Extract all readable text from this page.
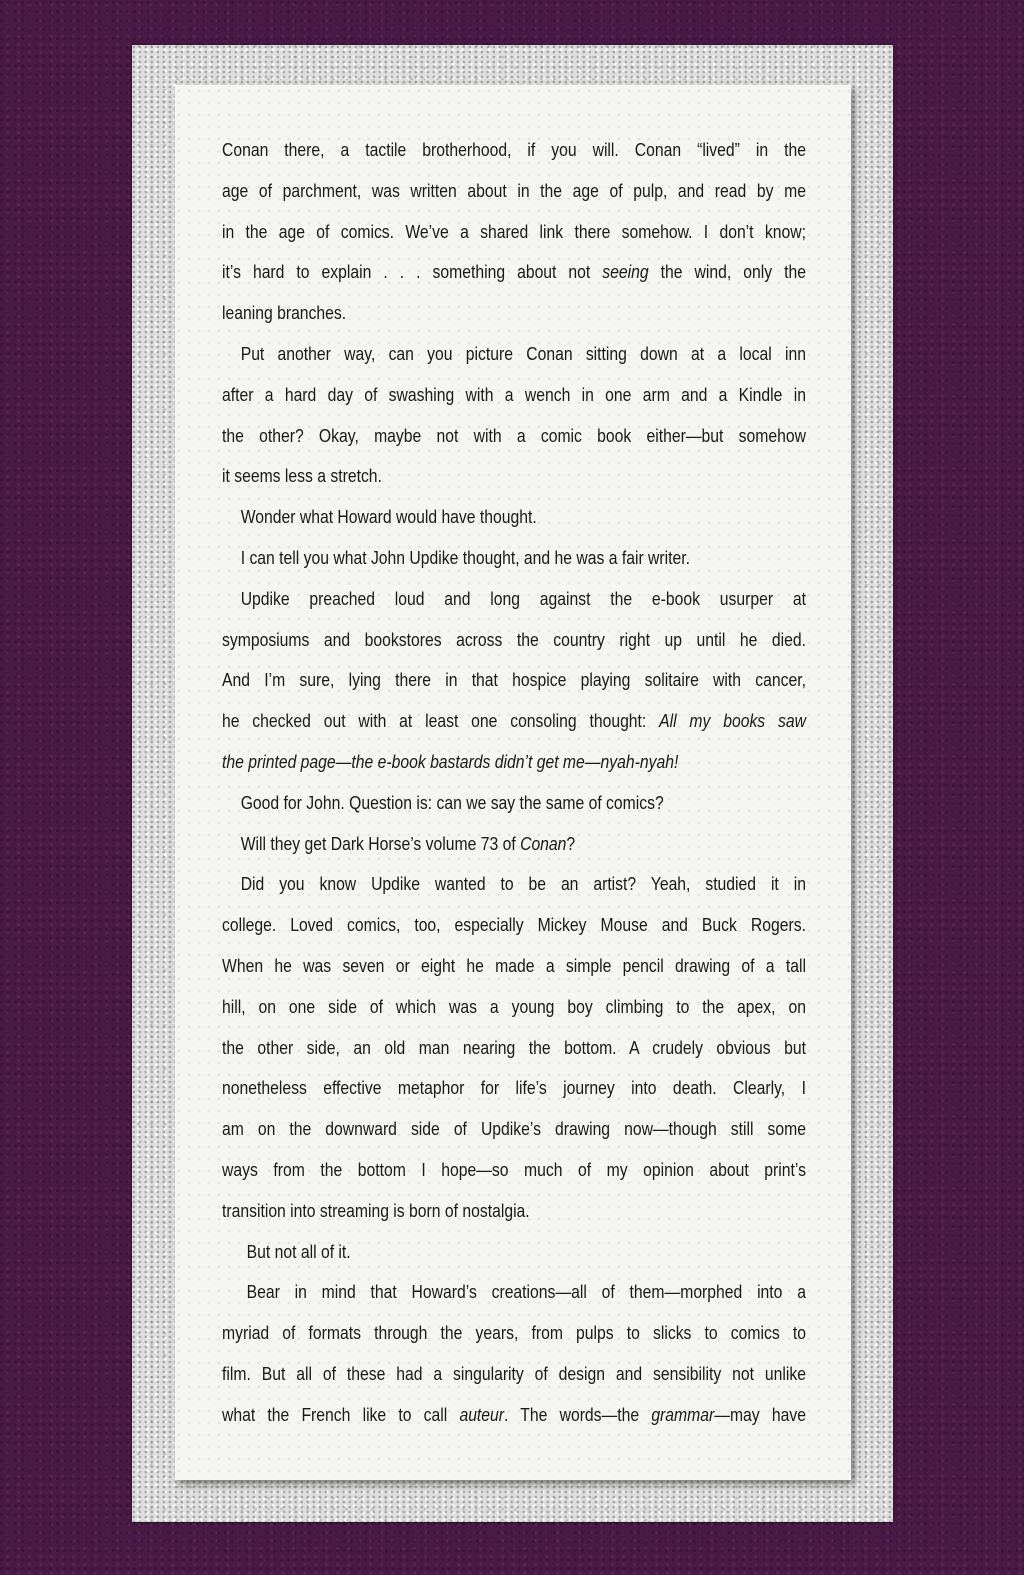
Conan there, a tactile brotherhood, if you will. Conan “lived” in the
age of parchment, was written about in the age of pulp, and read by me
in the age of comics. We’ve a shared link there somehow. I don’t know;
it’s hard to explain . . . something about not seeing the wind, only the
leaning branches.
Put another way, can you picture Conan sitting down at a local inn
after a hard day of swashing with a wench in one arm and a Kindle in
the other? Okay, maybe not with a comic book either—but somehow
it seems less a stretch.
Wonder what Howard would have thought.
I can tell you what John Updike thought, and he was a fair writer.
Updike preached loud and long against the e-book usurper at
symposiums and bookstores across the country right up until he died.
And I’m sure, lying there in that hospice playing solitaire with cancer,
he checked out with at least one consoling thought: All my books saw
the printed page—the e-book bastards didn’t get me—nyah-nyah!
Good for John. Question is: can we say the same of comics?
Will they get Dark Horse’s volume 73 of Conan?
Did you know Updike wanted to be an artist? Yeah, studied it in
college. Loved comics, too, especially Mickey Mouse and Buck Rogers.
When he was seven or eight he made a simple pencil drawing of a tall
hill, on one side of which was a young boy climbing to the apex, on
the other side, an old man nearing the bottom. A crudely obvious but
nonetheless effective metaphor for life’s journey into death. Clearly, I
am on the downward side of Updike’s drawing now—though still some
ways from the bottom I hope—so much of my opinion about print’s
transition into streaming is born of nostalgia.
But not all of it.
Bear in mind that Howard’s creations—all of them—morphed into a
myriad of formats through the years, from pulps to slicks to comics to
film. But all of these had a singularity of design and sensibility not unlike
what the French like to call auteur. The words—the grammar—may have
